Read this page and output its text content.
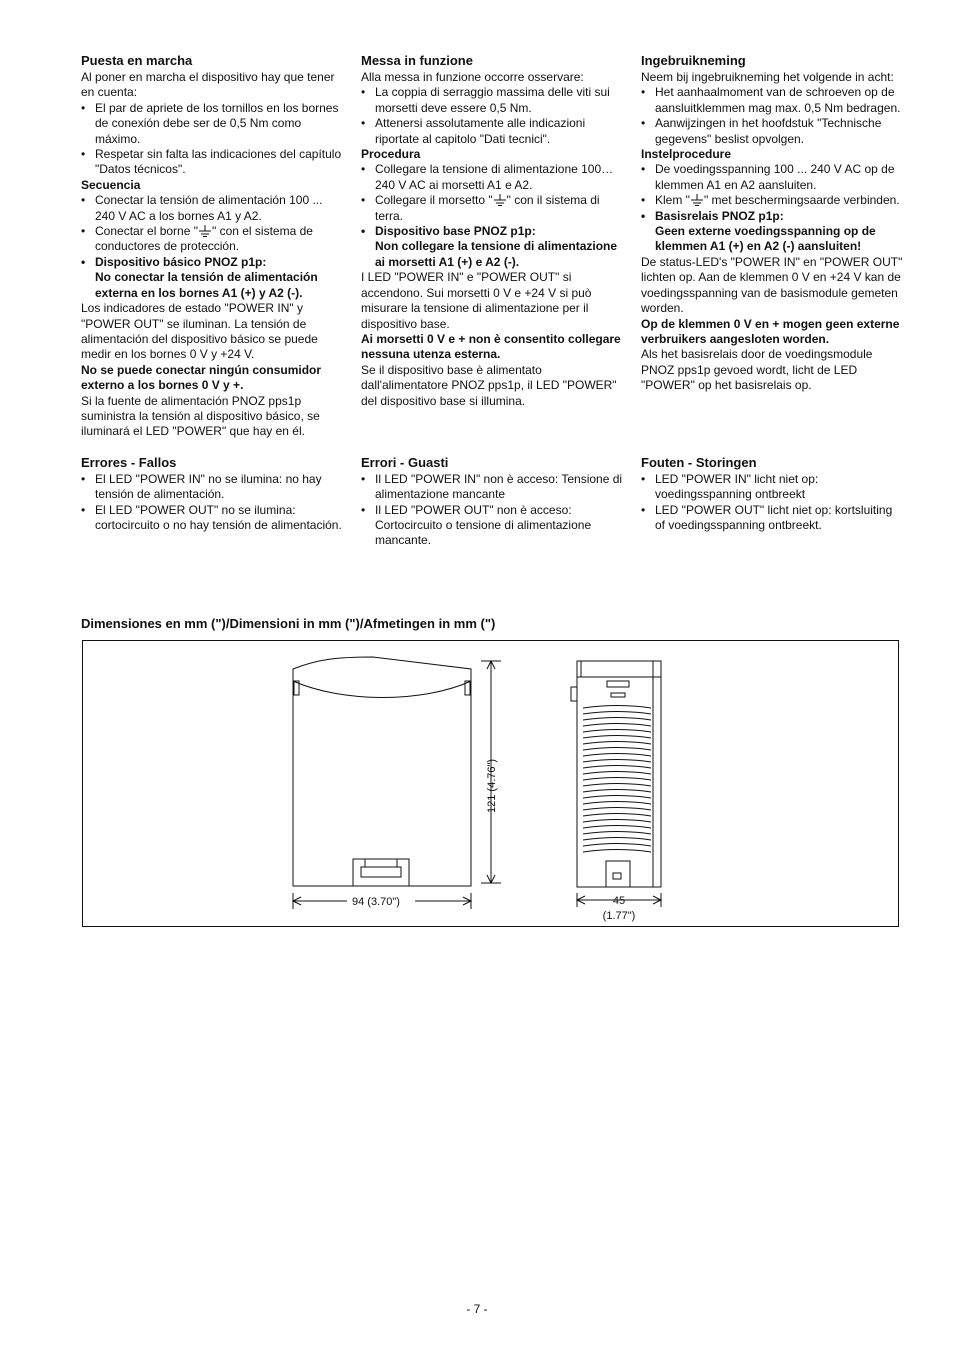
Puesta en marcha
Al poner en marcha el dispositivo hay que tener en cuenta:
• El par de apriete de los tornillos en los bornes de conexión debe ser de 0,5 Nm como máximo.
• Respetar sin falta las indicaciones del capítulo "Datos técnicos".
Secuencia
• Conectar la tensión de alimentación 100 ... 240 V AC a los bornes A1 y A2.
• Conectar el borne " " con el sistema de conductores de protección.
• Dispositivo básico PNOZ p1p:
No conectar la tensión de alimentación externa en los bornes A1 (+) y A2 (-).
Los indicadores de estado "POWER IN" y "POWER OUT" se iluminan. La tensión de alimentación del dispositivo básico se puede medir en los bornes 0 V y +24 V.
No se puede conectar ningún consumidor externo a los bornes 0 V y +.
Si la fuente de alimentación PNOZ pps1p suministra la tensión al dispositivo básico, se iluminará el LED "POWER" que hay en él.
Errores - Fallos
• El LED "POWER IN" no se ilumina: no hay tensión de alimentación.
• El LED "POWER OUT" no se ilumina: cortocircuito o no hay tensión de alimentación.
Messa in funzione
Alla messa in funzione occorre osservare:
• La coppia di serraggio massima delle viti sui morsetti deve essere 0,5 Nm.
• Attenersi assolutamente alle indicazioni riportate al capitolo "Dati tecnici".
Procedura
• Collegare la tensione di alimentazione 100… 240 V AC ai morsetti A1 e A2.
• Collegare il morsetto " " con il sistema di terra.
• Dispositivo base PNOZ p1p:
Non collegare la tensione di alimentazione ai morsetti A1 (+) e A2 (-).
I LED "POWER IN" e "POWER OUT" si accendono. Sui morsetti 0 V e +24 V si può misurare la tensione di alimentazione per il dispositivo base.
Ai morsetti 0 V e + non è consentito collegare nessuna utenza esterna.
Se il dispositivo base è alimentato dall'alimentatore PNOZ pps1p, il LED "POWER" del dispositivo base si illumina.
Errori - Guasti
• Il LED "POWER IN" non è acceso: Tensione di alimentazione mancante
• Il LED "POWER OUT" non è acceso: Cortocircuito o tensione di alimentazione mancante.
Ingebruikneming
Neem bij ingebruikneming het volgende in acht:
• Het aanhaalmoment van de schroeven op de aansluitklemmen mag max. 0,5 Nm bedragen.
• Aanwijzingen in het hoofdstuk "Technische gegevens" beslist opvolgen.
Instelprocedure
• De voedingsspanning 100 ... 240 V AC op de klemmen A1 en A2 aansluiten.
• Klem " " met beschermingsaarde verbinden.
• Basisrelais PNOZ p1p:
Geen externe voedingsspanning op de klemmen A1 (+) en A2 (-) aansluiten!
De status-LED's "POWER IN" en "POWER OUT" lichten op. Aan de klemmen 0 V en +24 V kan de voedingsspanning van de basismodule gemeten worden.
Op de klemmen 0 V en + mogen geen externe verbruikers aangesloten worden.
Als het basisrelais door de voedingsmodule PNOZ pps1p gevoed wordt, licht de LED "POWER" op het basisrelais op.
Fouten - Storingen
• LED "POWER IN" licht niet op: voedingsspanning ontbreekt
• LED "POWER OUT" licht niet op: kortsluiting of voedingsspanning ontbreekt.
Dimensiones en mm (")/Dimensioni in mm (")/Afmetingen in mm (")
94 (3.70")
121 (4.76")
45
(1.77")
- 7 -
